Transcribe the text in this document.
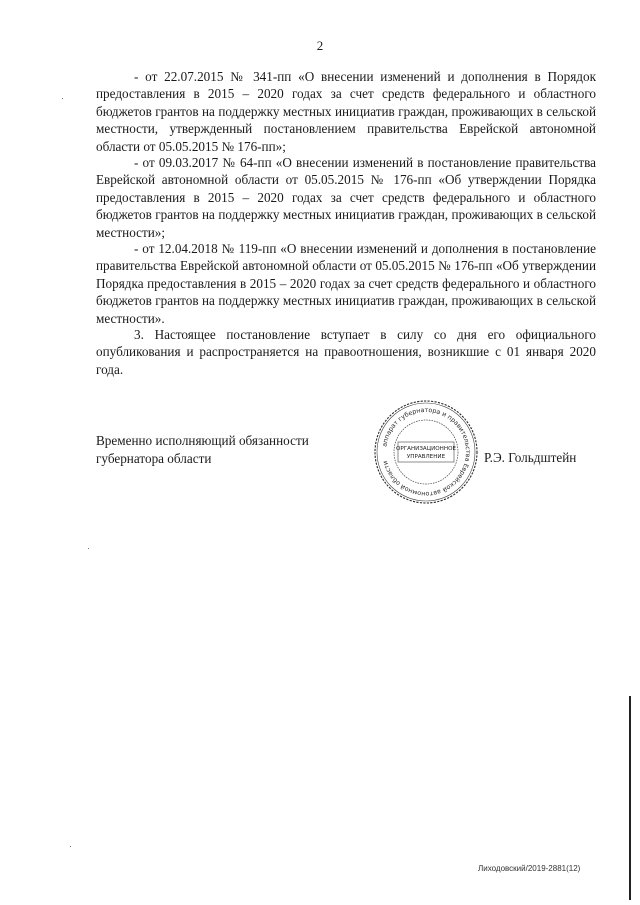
2

- от 22.07.2015 № 341-пп «О внесении изменений и дополнения в Порядок предоставления в 2015 – 2020 годах за счет средств федерального и областного бюджетов грантов на поддержку местных инициатив граждан, проживающих в сельской местности, утвержденный постановлением правительства Еврейской автономной области от 05.05.2015 № 176-пп»;

- от 09.03.2017 № 64-пп «О внесении изменений в постановление правительства Еврейской автономной области от 05.05.2015 № 176-пп «Об утверждении Порядка предоставления в 2015 – 2020 годах за счет средств федерального и областного бюджетов грантов на поддержку местных инициатив граждан, проживающих в сельской местности»;

- от 12.04.2018 № 119-пп «О внесении изменений и дополнения в постановление правительства Еврейской автономной области от 05.05.2015 № 176-пп «Об утверждении Порядка предоставления в 2015 – 2020 годах за счет средств федерального и областного бюджетов грантов на поддержку местных инициатив граждан, проживающих в сельской местности».

3. Настоящее постановление вступает в силу со дня его официального опубликования и распространяется на правоотношения, возникшие с 01 января 2020 года.

Временно исполняющий обязанности
губернатора области
аппарат губернатора и правительства Еврейской автономной области
ОРГАНИЗАЦИОННОЕ
УПРАВЛЕНИЕ	Р.Э. Гольдштейн
Лиходовский/2019-2881(12)
